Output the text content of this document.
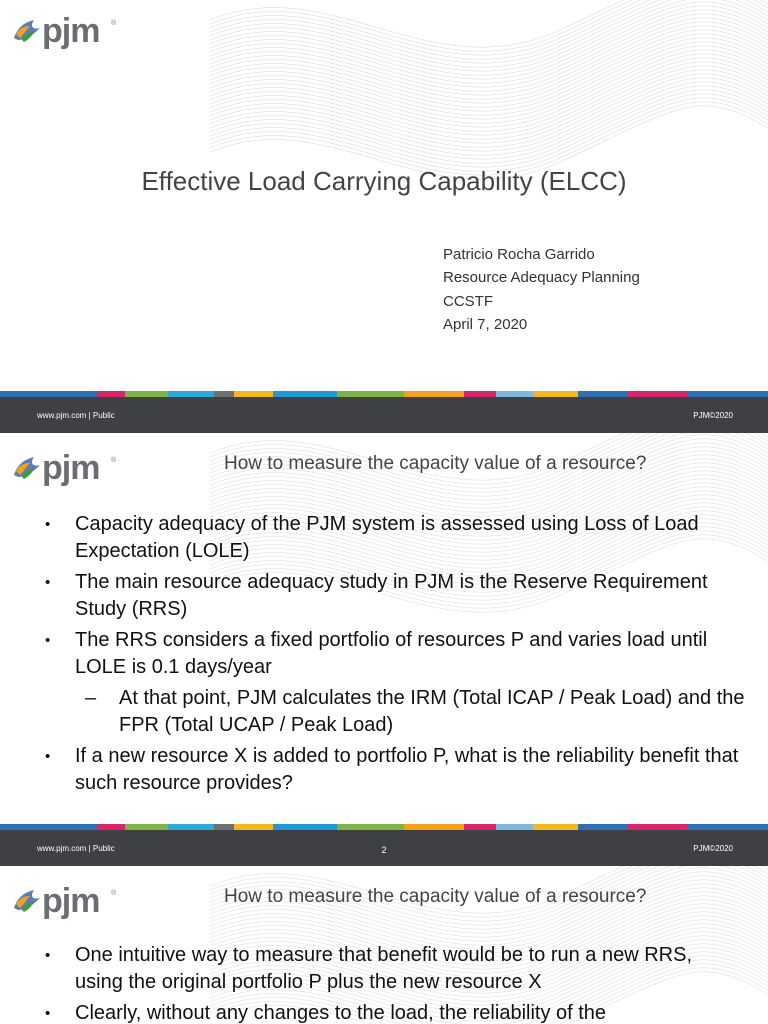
pjm ®
Effective Load Carrying Capability (ELCC)
Patricio Rocha Garrido
Resource Adequacy Planning
CCSTF
April 7, 2020
www.pjm.com | Public	PJM©2020
pjm ®	How to measure the capacity value of a resource?
• Capacity adequacy of the PJM system is assessed using Loss of Load Expectation (LOLE)
• The main resource adequacy study in PJM is the Reserve Requirement Study (RRS)
• The RRS considers a fixed portfolio of resources P and varies load until LOLE is 0.1 days/year
– At that point, PJM calculates the IRM (Total ICAP / Peak Load) and the FPR (Total UCAP / Peak Load)
• If a new resource X is added to portfolio P, what is the reliability benefit that such resource provides?
www.pjm.com | Public	2	PJM©2020
pjm ®	How to measure the capacity value of a resource?
• One intuitive way to measure that benefit would be to run a new RRS, using the original portfolio P plus the new resource X
• Clearly, without any changes to the load, the reliability of the
